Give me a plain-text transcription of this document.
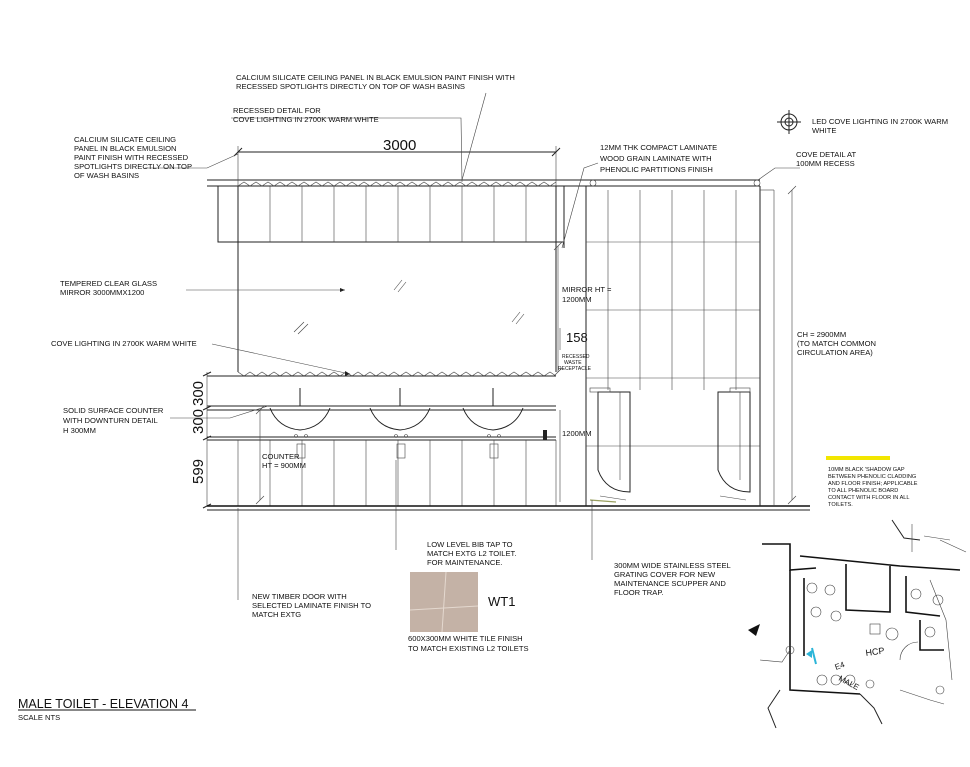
3000
MIRROR HT =
1200MM
158
300
300
599
1200MM
RECESSED
WASTE
RECEPTACLE
CALCIUM SILICATE CEILING PANEL IN BLACK EMULSION PAINT FINISH WITH
RECESSED SPOTLIGHTS DIRECTLY ON TOP OF WASH BASINS
RECESSED DETAIL FOR
COVE LIGHTING IN 2700K WARM WHITE
CALCIUM SILICATE CEILING
PANEL IN BLACK EMULSION
PAINT FINISH WITH RECESSED
SPOTLIGHTS DIRECTLY ON TOP
OF WASH BASINS
12MM THK COMPACT LAMINATE
WOOD GRAIN LAMINATE WITH
PHENOLIC PARTITIONS FINISH
LED COVE LIGHTING IN 2700K WARM
WHITE
COVE DETAIL AT
100MM RECESS
TEMPERED CLEAR GLASS
MIRROR 3000MMX1200
COVE LIGHTING IN 2700K WARM WHITE
SOLID SURFACE COUNTER
WITH DOWNTURN DETAIL
H 300MM
COUNTER
HT = 900MM
CH = 2900MM
(TO MATCH COMMON
CIRCULATION AREA)
10MM BLACK 'SHADOW GAP
BETWEEN PHENOLIC CLADDING
AND FLOOR FINISH; APPLICABLE
TO ALL PHENOLIC BOARD
CONTACT WITH FLOOR IN ALL
TOILETS.
LOW LEVEL BIB TAP TO
MATCH EXTG L2 TOILET.
FOR MAINTENANCE.	300MM WIDE STAINLESS STEEL
GRATING COVER FOR NEW
MAINTENANCE SCUPPER AND
FLOOR TRAP.
NEW TIMBER DOOR WITH
SELECTED LAMINATE FINISH TO
MATCH EXTG
WT1
600X300MM WHITE TILE FINISH
TO MATCH EXISTING L2 TOILETS
MALE TOILET - ELEVATION 4
SCALE NTS
HCP
E4
MALE
